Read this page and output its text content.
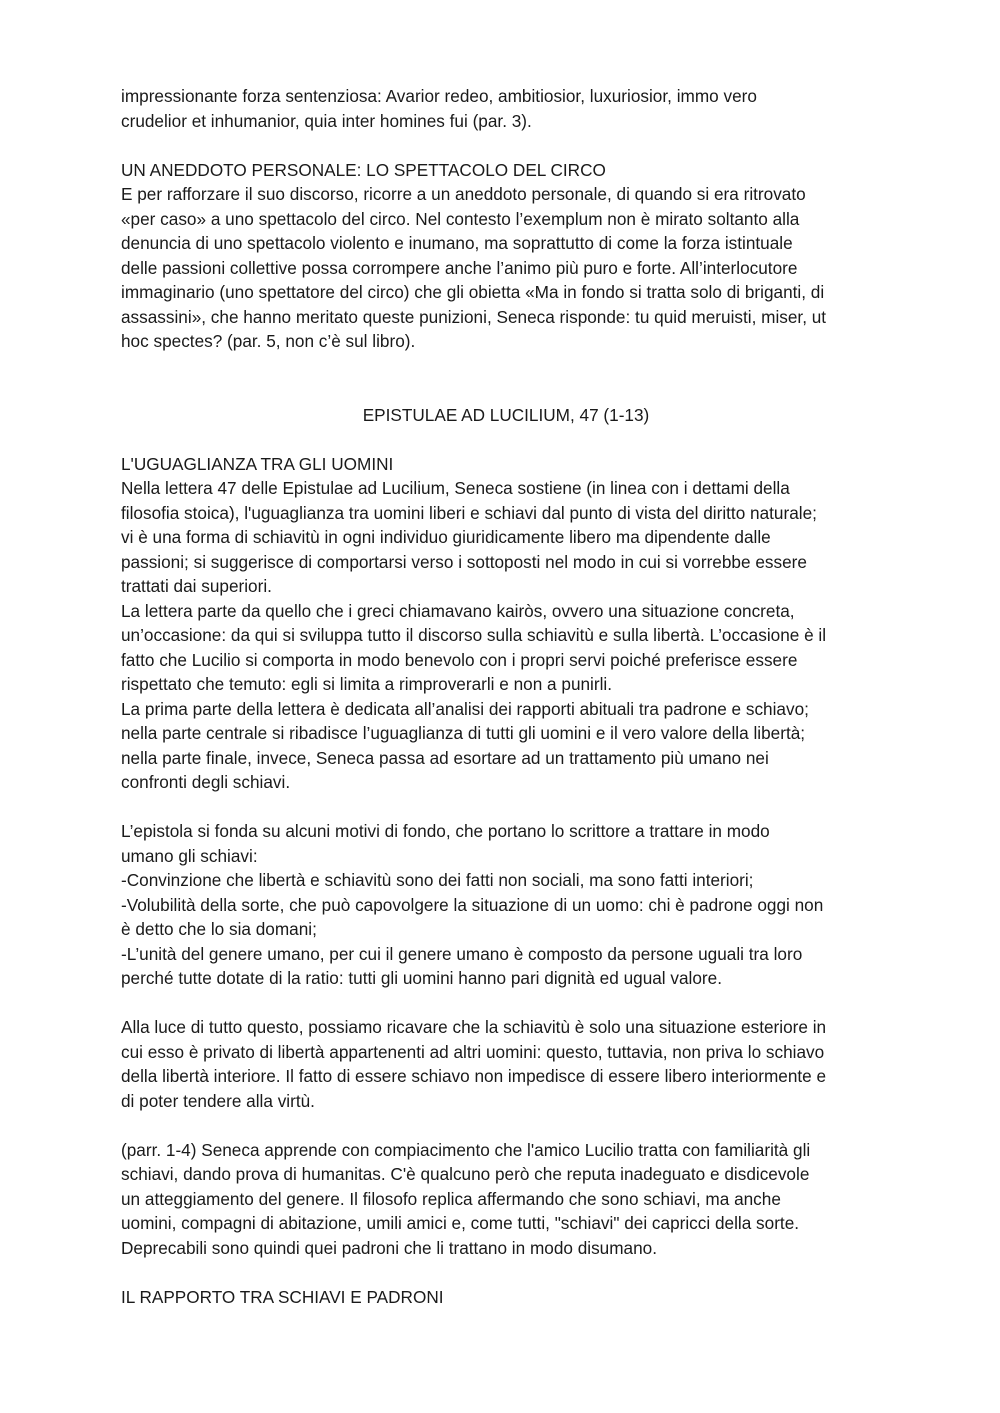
impressionante forza sentenziosa: Avarior redeo, ambitiosior, luxuriosior, immo vero

crudelior et inhumanior, quia inter homines fui (par. 3).

UN ANEDDOTO PERSONALE: LO SPETTACOLO DEL CIRCO

E per rafforzare il suo discorso, ricorre a un aneddoto personale, di quando si era ritrovato

«per caso» a uno spettacolo del circo. Nel contesto l’exemplum non è mirato soltanto alla

denuncia di uno spettacolo violento e inumano, ma soprattutto di come la forza istintuale

delle passioni collettive possa corrompere anche l’animo più puro e forte. All’interlocutore

immaginario (uno spettatore del circo) che gli obietta «Ma in fondo si tratta solo di briganti, di

assassini», che hanno meritato queste punizioni, Seneca risponde: tu quid meruisti, miser, ut

hoc spectes? (par. 5, non c’è sul libro).

EPISTULAE AD LUCILIUM, 47 (1-13)

L'UGUAGLIANZA TRA GLI UOMINI

Nella lettera 47 delle Epistulae ad Lucilium, Seneca sostiene (in linea con i dettami della

filosofia stoica), l'uguaglianza tra uomini liberi e schiavi dal punto di vista del diritto naturale;

vi è una forma di schiavitù in ogni individuo giuridicamente libero ma dipendente dalle

passioni; si suggerisce di comportarsi verso i sottoposti nel modo in cui si vorrebbe essere

trattati dai superiori.

La lettera parte da quello che i greci chiamavano kairòs, ovvero una situazione concreta,

un’occasione: da qui si sviluppa tutto il discorso sulla schiavitù e sulla libertà. L’occasione è il

fatto che Lucilio si comporta in modo benevolo con i propri servi poiché preferisce essere

rispettato che temuto: egli si limita a rimproverarli e non a punirli.

La prima parte della lettera è dedicata all’analisi dei rapporti abituali tra padrone e schiavo;

nella parte centrale si ribadisce l’uguaglianza di tutti gli uomini e il vero valore della libertà;

nella parte finale, invece, Seneca passa ad esortare ad un trattamento più umano nei

confronti degli schiavi.

L’epistola si fonda su alcuni motivi di fondo, che portano lo scrittore a trattare in modo

umano gli schiavi:

-Convinzione che libertà e schiavitù sono dei fatti non sociali, ma sono fatti interiori;

-Volubilità della sorte, che può capovolgere la situazione di un uomo: chi è padrone oggi non

è detto che lo sia domani;

-L’unità del genere umano, per cui il genere umano è composto da persone uguali tra loro

perché tutte dotate di la ratio: tutti gli uomini hanno pari dignità ed ugual valore.

Alla luce di tutto questo, possiamo ricavare che la schiavitù è solo una situazione esteriore in

cui esso è privato di libertà appartenenti ad altri uomini: questo, tuttavia, non priva lo schiavo

della libertà interiore. Il fatto di essere schiavo non impedisce di essere libero interiormente e

di poter tendere alla virtù.

(parr. 1-4) Seneca apprende con compiacimento che l'amico Lucilio tratta con familiarità gli

schiavi, dando prova di humanitas. C'è qualcuno però che reputa inadeguato e disdicevole

un atteggiamento del genere. Il filosofo replica affermando che sono schiavi, ma anche

uomini, compagni di abitazione, umili amici e, come tutti, "schiavi" dei capricci della sorte.

Deprecabili sono quindi quei padroni che li trattano in modo disumano.

IL RAPPORTO TRA SCHIAVI E PADRONI
